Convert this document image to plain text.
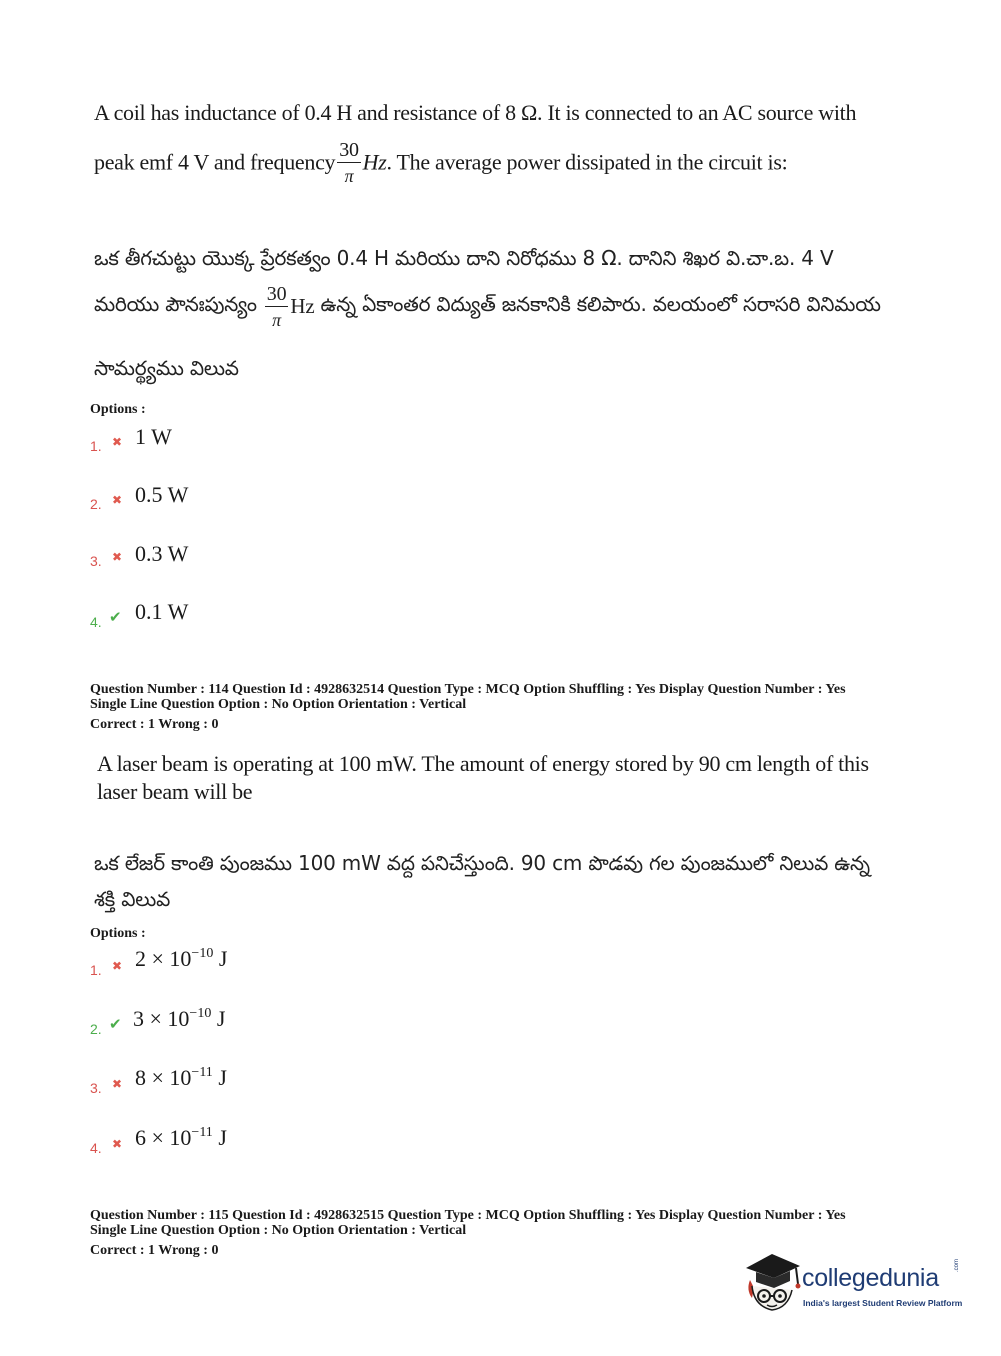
A coil has inductance of 0.4 H and resistance of 8 Ω. It is connected to an AC source with
peak emf 4 V and frequency $\frac{30}{\pi} Hz$. The average power dissipated in the circuit is:
ఒక తీగచుట్టు యొక్క ప్రేరకత్వం 0.4 H మరియు దాని నిరోధము 8 Ω. దానిని శిఖర వి.చా.బ. 4 V
మరియు పౌనఃపున్యం $\frac{30}{\pi}$ Hz ఉన్న ఏకాంతర విద్యుత్ జనకానికి కలిపారు. వలయంలో సరాసరి వినిమయ
సామర్థ్యము విలువ
Options :
1. ✖ 1 W
2. ✖ 0.5 W
3. ✖ 0.3 W
4. ✔ 0.1 W
Question Number : 114 Question Id : 4928632514 Question Type : MCQ Option Shuffling : Yes Display Question Number : Yes
Single Line Question Option : No Option Orientation : Vertical
Correct : 1 Wrong : 0
A laser beam is operating at 100 mW. The amount of energy stored by 90 cm length of this
laser beam will be
ఒక లేజర్ కాంతి పుంజము 100 mW వద్ద పనిచేస్తుంది. 90 cm పొడవు గల పుంజములో నిలువ ఉన్న
శక్తి విలువ
Options :
1. ✖ $2 \times 10^{-10}$ J
2. ✔ $3 \times 10^{-10}$ J
3. ✖ $8 \times 10^{-11}$ J
4. ✖ $6 \times 10^{-11}$ J
Question Number : 115 Question Id : 4928632515 Question Type : MCQ Option Shuffling : Yes Display Question Number : Yes
Single Line Question Option : No Option Orientation : Vertical
Correct : 1 Wrong : 0
collegedunia	.com
India's largest Student Review Platform
